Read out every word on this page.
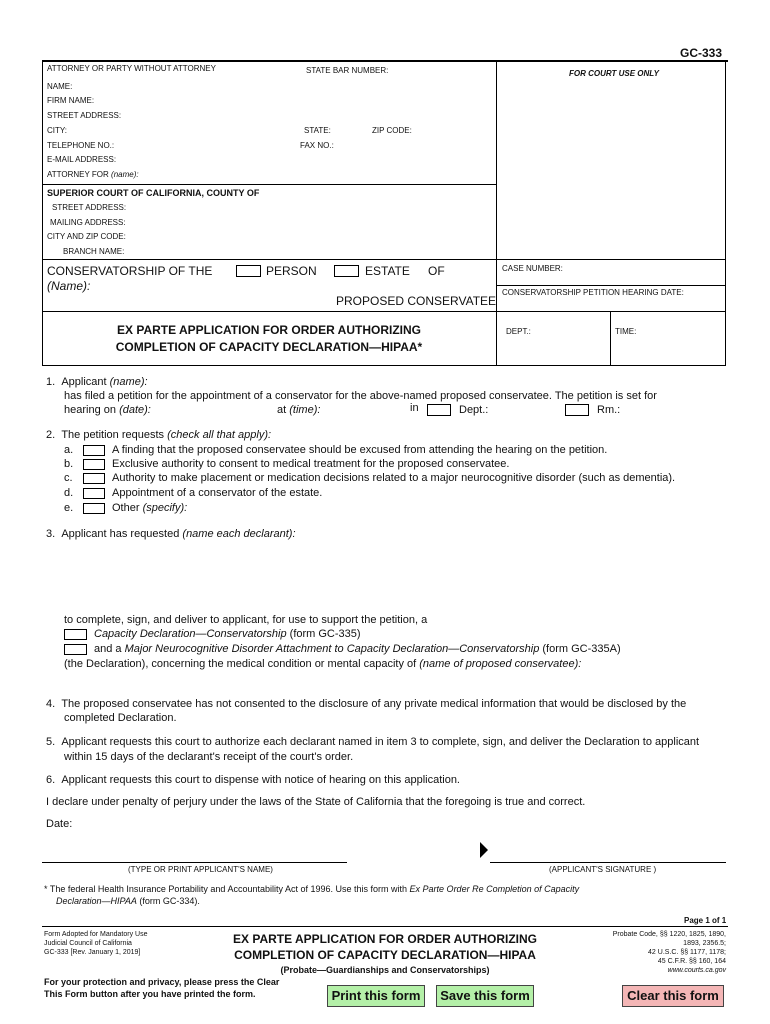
GC-333
ATTORNEY OR PARTY WITHOUT ATTORNEY	STATE BAR NUMBER:	FOR COURT USE ONLY
NAME:
FIRM NAME:
STREET ADDRESS:
CITY:	STATE:	ZIP CODE:
TELEPHONE NO.:	FAX NO.:
E-MAIL ADDRESS:
ATTORNEY FOR (name):
SUPERIOR COURT OF CALIFORNIA, COUNTY OF
STREET ADDRESS:
MAILING ADDRESS:
CITY AND ZIP CODE:
BRANCH NAME:
CONSERVATORSHIP OF THE
(Name):
PERSON	ESTATE OF
PROPOSED CONSERVATEE
CASE NUMBER:
CONSERVATORSHIP PETITION HEARING DATE:
DEPT.:	TIME:
EX PARTE APPLICATION FOR ORDER AUTHORIZING
COMPLETION OF CAPACITY DECLARATION—HIPAA*
1. Applicant (name):
has filed a petition for the appointment of a conservator for the above-named proposed conservatee. The petition is set for
hearing on (date):	at (time):	in	Dept.:	Rm.:
2. The petition requests (check all that apply):
a.	A finding that the proposed conservatee should be excused from attending the hearing on the petition.
b.	Exclusive authority to consent to medical treatment for the proposed conservatee.
c.	Authority to make placement or medication decisions related to a major neurocognitive disorder (such as dementia).
d.	Appointment of a conservator of the estate.
e.	Other (specify):
3. Applicant has requested (name each declarant):
to complete, sign, and deliver to applicant, for use to support the petition, a
Capacity Declaration—Conservatorship (form GC-335)
and a Major Neurocognitive Disorder Attachment to Capacity Declaration—Conservatorship (form GC-335A)
(the Declaration), concerning the medical condition or mental capacity of (name of proposed conservatee):
4. The proposed conservatee has not consented to the disclosure of any private medical information that would be disclosed by the
completed Declaration.
5. Applicant requests this court to authorize each declarant named in item 3 to complete, sign, and deliver the Declaration to applicant
within 15 days of the declarant's receipt of the court's order.
6. Applicant requests this court to dispense with notice of hearing on this application.
I declare under penalty of perjury under the laws of the State of California that the foregoing is true and correct.
Date:
(TYPE OR PRINT APPLICANT'S NAME)	(APPLICANT'S SIGNATURE )
* The federal Health Insurance Portability and Accountability Act of 1996. Use this form with Ex Parte Order Re Completion of Capacity
Declaration—HIPAA (form GC-334).
Page 1 of 1
Form Adopted for Mandatory Use
Judicial Council of California
GC-333 [Rev. January 1, 2019]
EX PARTE APPLICATION FOR ORDER AUTHORIZING
COMPLETION OF CAPACITY DECLARATION—HIPAA
(Probate—Guardianships and Conservatorships)
Probate Code, §§ 1220, 1825, 1890,
1893, 2356.5;
42 U.S.C. §§ 1177, 1178;
45 C.F.R. §§ 160, 164
www.courts.ca.gov
For your protection and privacy, please press the Clear
This Form button after you have printed the form.	Print this form	Save this form	Clear this form
